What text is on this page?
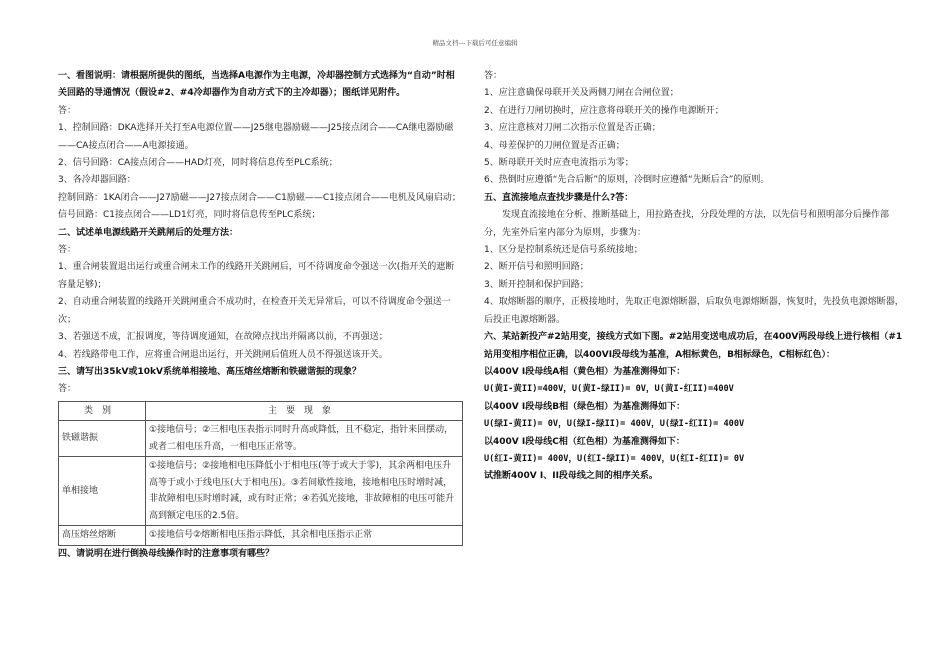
精品文档---下载后可任意编辑

一、看图说明：请根据所提供的图纸，当选择A电源作为主电源，冷却器控制方式选择为“自动”时相关回路的导通情况（假设#2、#4冷却器作为自动方式下的主冷却器）；图纸详见附件。

答：

1、控制回路：DKA选择开关打至A电源位置——J25继电器励磁——J25接点闭合——CA继电器励磁——CA接点闭合——A电源接通。

2、信号回路：CA接点闭合——HAD灯亮，同时将信息传至PLC系统；

3、各冷却器回路：

控制回路：1KA闭合——J27励磁——J27接点闭合——C1励磁——C1接点闭合——电机及风扇启动；

信号回路：C1接点闭合——LD1灯亮，同时将信息传至PLC系统；

二、试述单电源线路开关跳闸后的处理方法：

答：

1、重合闸装置退出运行或重合闸未工作的线路开关跳闸后，可不待调度命令强送一次(指开关的遮断容量足够)；

2、自动重合闸装置的线路开关跳闸重合不成功时，在检查开关无异常后，可以不待调度命令强送一次；

3、若强送不成，汇报调度，等待调度通知，在故障点找出并隔离以前，不再强送；

4、若线路带电工作，应将重合闸退出运行，开关跳闸后值班人员不得强送该开关。

三、请写出35kV或10kV系统单相接地、高压熔丝熔断和铁磁谐振的现象？

答：

类别	主要现象
铁磁谐振	①接地信号；②三相电压表指示同时升高或降低，且不稳定，指针来回摆动，或者二相电压升高，一相电压正常等。
单相接地	①接地信号；②接地相电压降低小于相电压(等于或大于零)，其余两相电压升高等于或小于线电压(大于相电压)。③若间歇性接地，接地相电压时增时减，非故障相电压时增时减，或有时正常；④若弧光接地，非故障相的电压可能升高到额定电压的2.5倍。
高压熔丝熔断	①接地信号②熔断相电压指示降低，其余相电压指示正常

四、请说明在进行倒换母线操作时的注意事项有哪些？

答：

1、应注意确保母联开关及两侧刀闸在合闸位置；

2、在进行刀闸切换时，应注意将母联开关的操作电源断开；

3、应注意核对刀闸二次指示位置是否正确；

4、母差保护的刀闸位置是否正确；

5、断母联开关时应查电流指示为零；

6、热倒时应遵循“先合后断”的原则，冷倒时应遵循“先断后合”的原则。

五、直流接地点查找步骤是什么?答：

发现直流接地在分析、推断基础上，用拉路查找，分段处理的方法，以先信号和照明部分后操作部分，先室外后室内部分为原则，步骤为：

1、区分是控制系统还是信号系统接地；

2、断开信号和照明回路；

3、断开控制和保护回路；

4、取熔断器的顺序，正极接地时，先取正电源熔断器，后取负电源熔断器，恢复时，先投负电源熔断器，后投正电源熔断器。

六、某站新投产#2站用变，接线方式如下图。#2站用变送电成功后，在400V两段母线上进行核相（#1站用变相序相位正确，以400VI段母线为基准，A相标黄色，B相标绿色，C相标红色）：

以400V I段母线A相（黄色相）为基准测得如下：

U(黄I-黄II)=400V，U(黄I-绿II)= 0V，U(黄I-红II)=400V

以400V I段母线B相（绿色相）为基准测得如下：

U(绿I-黄II)= 0V，U(绿I-绿II)= 400V，U(绿I-红II)= 400V

以400V I段母线C相（红色相）为基准测得如下：

U(红I-黄II)= 400V，U(红I-绿II)= 400V，U(红I-红II)= 0V

试推断400V I、II段母线之间的相序关系。
